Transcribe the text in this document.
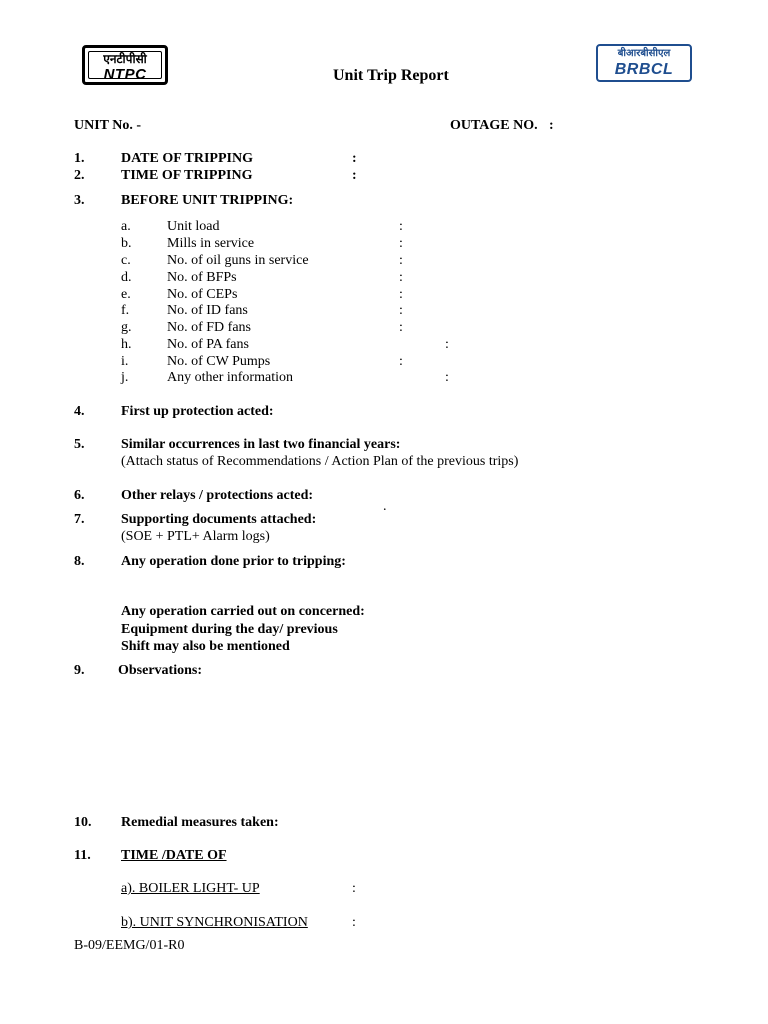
एनटीपीसी
NTPC
बीआरबीसीएल
BRBCL
Unit Trip Report
UNIT No. -	OUTAGE NO. :
1.	DATE OF TRIPPING	:
2.	TIME OF TRIPPING	:
3.	BEFORE UNIT TRIPPING:
a.	Unit load	:
b.	Mills in service	:
c.	No. of oil guns in service	:
d.	No. of BFPs	:
e.	No. of CEPs	:
f.	No. of ID fans	:
g.	No. of FD fans	:
h.	No. of PA fans	:
i.	No. of CW Pumps	:
j.	Any other information	:
4.	First up protection acted:
5.	Similar occurrences in last two financial years:
(Attach status of Recommendations / Action Plan of the previous trips)
6.	Other relays / protections acted:
.
7.	Supporting documents attached:
(SOE + PTL+ Alarm logs)
8.	Any operation done prior to tripping:
Any operation carried out on concerned:
Equipment during the day/ previous
Shift may also be mentioned
9. Observations:
10. Remedial measures taken:
11. TIME /DATE OF
a). BOILER LIGHT- UP	:
b). UNIT SYNCHRONISATION	:
B-09/EEMG/01-R0
